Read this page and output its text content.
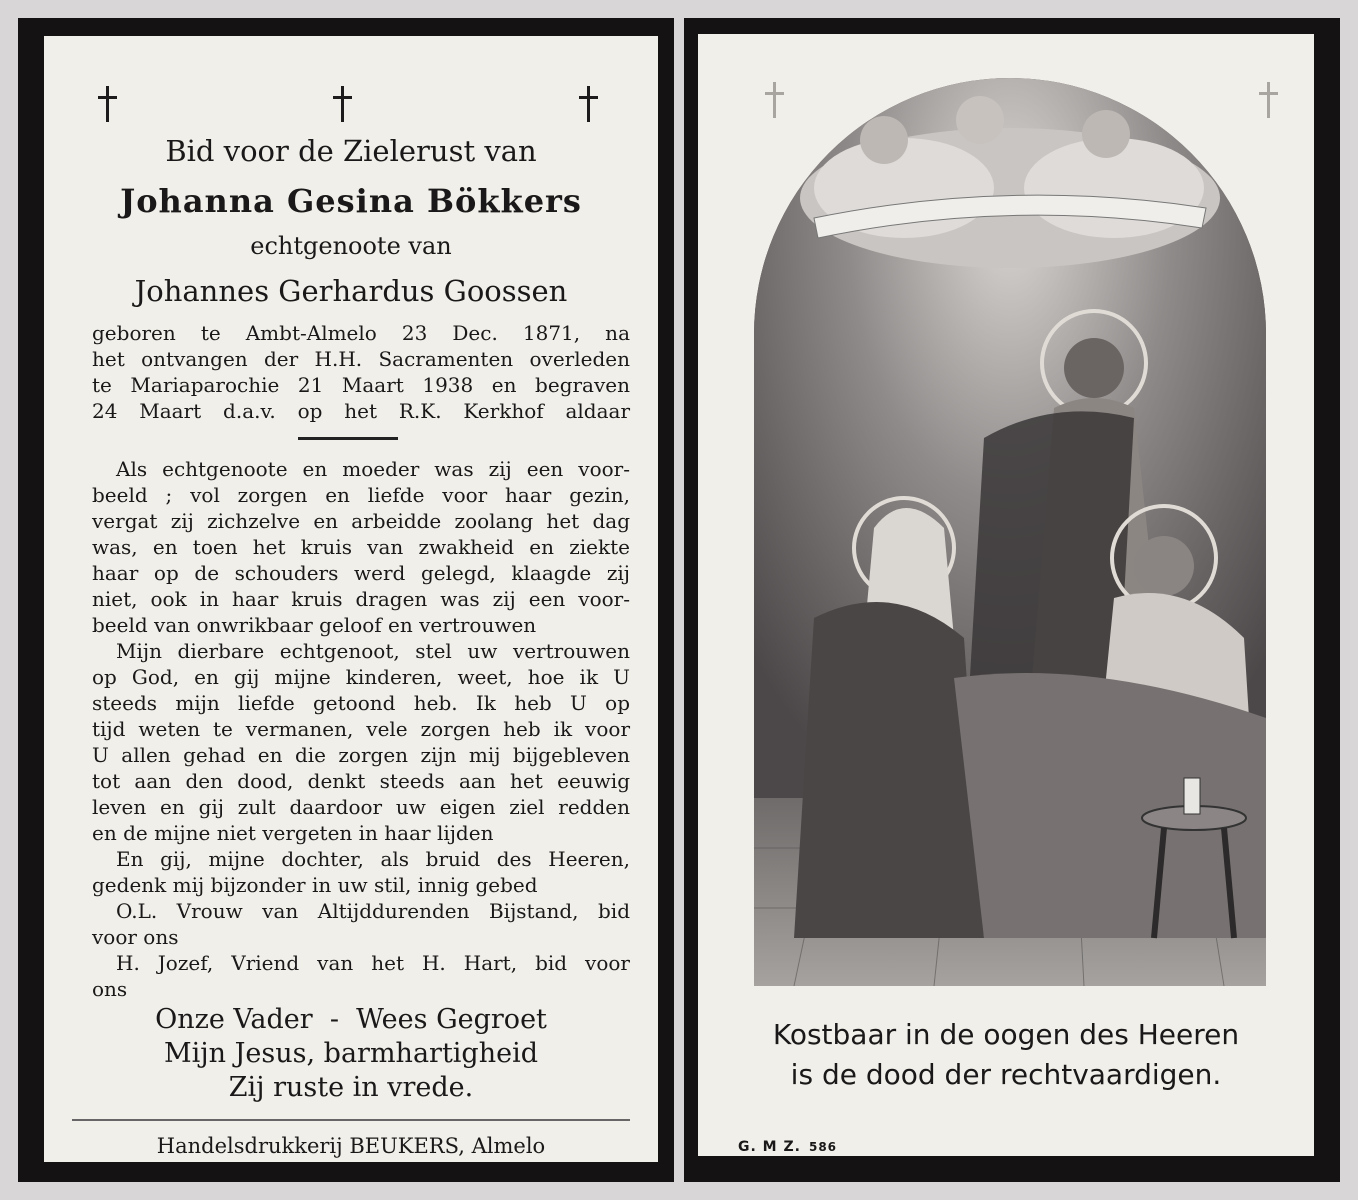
Bid voor de Zielerust van
Johanna Gesina Bökkers
echtgenoote van
Johannes Gerhardus Goossen
geboren te Ambt-Almelo 23 Dec. 1871, na
het ontvangen der H.H. Sacramenten overleden
te Mariaparochie 21 Maart 1938 en begraven
24 Maart d.a.v. op het R.K. Kerkhof aldaar
Als echtgenoote en moeder was zij een voor-
beeld ; vol zorgen en liefde voor haar gezin,
vergat zij zichzelve en arbeidde zoolang het dag
was, en toen het kruis van zwakheid en ziekte
haar op de schouders werd gelegd, klaagde zij
niet, ook in haar kruis dragen was zij een voor-
beeld van onwrikbaar geloof en vertrouwen
Mijn dierbare echtgenoot, stel uw vertrouwen
op God, en gij mijne kinderen, weet, hoe ik U
steeds mijn liefde getoond heb. Ik heb U op
tijd weten te vermanen, vele zorgen heb ik voor
U allen gehad en die zorgen zijn mij bijgebleven
tot aan den dood, denkt steeds aan het eeuwig
leven en gij zult daardoor uw eigen ziel redden
en de mijne niet vergeten in haar lijden
En gij, mijne dochter, als bruid des Heeren,
gedenk mij bijzonder in uw stil, innig gebed
O.L. Vrouw van Altijddurenden Bijstand, bid
voor ons
H. Jozef, Vriend van het H. Hart, bid voor
ons
Onze Vader  -  Wees Gegroet
Mijn Jesus, barmhartigheid
Zij ruste in vrede.
Handelsdrukkerij BEUKERS, Almelo
Kostbaar in de oogen des Heeren
is de dood der rechtvaardigen.
G. M Z. 586
